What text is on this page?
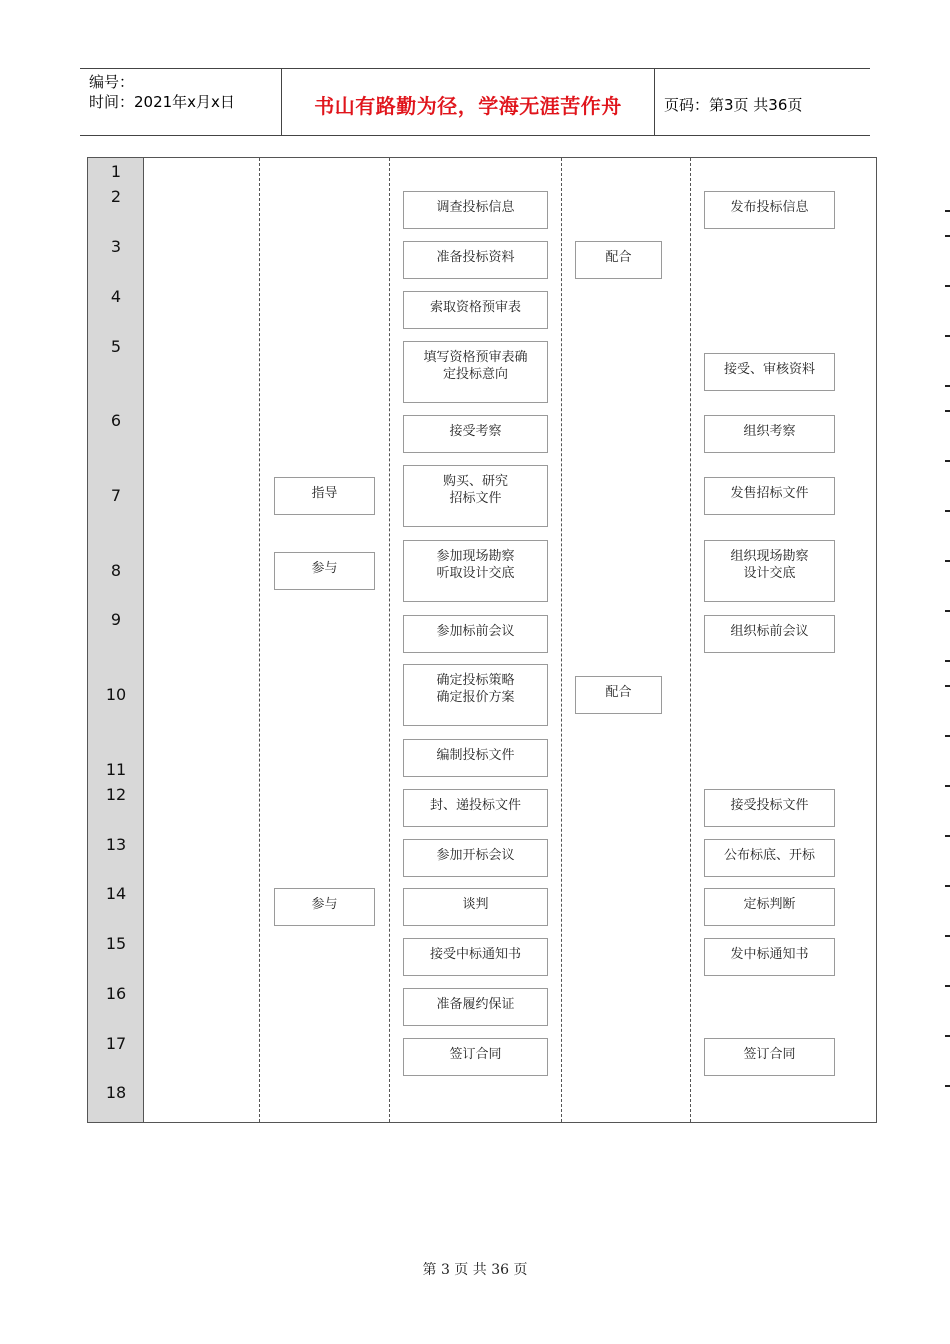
编号：
时间：2021年x月x日	书山有路勤为径，学海无涯苦作舟	页码：第3页 共36页
1
2
3
4
5
6
7
8
9
10
11
12
13
14
15
16
17
18
指导
参与
参与
调查投标信息
准备投标资料
索取资格预审表
填写资格预审表确
定投标意向
接受考察
购买、研究
招标文件
参加现场勘察
听取设计交底
参加标前会议
确定投标策略
确定报价方案
编制投标文件
封、递投标文件
参加开标会议
谈判
接受中标通知书
准备履约保证
签订合同
配合
配合
发布投标信息
接受、审核资料
组织考察
发售招标文件
组织现场勘察
设计交底
组织标前会议
接受投标文件
公布标底、开标
定标判断
发中标通知书
签订合同
第 3 页 共 36 页
